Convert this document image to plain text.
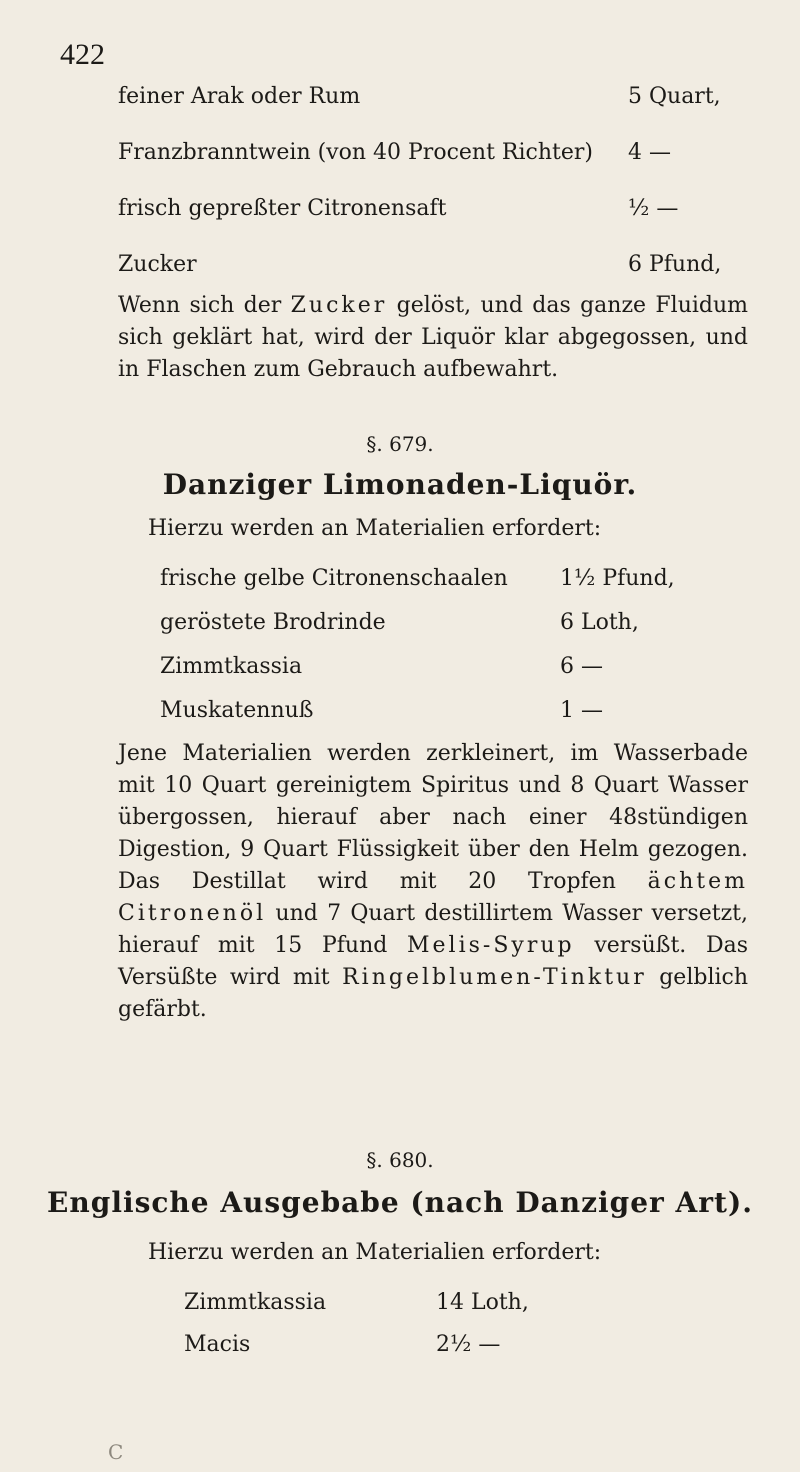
422
feiner Arak oder Rum	5 Quart,
Franzbranntwein (von 40 Procent Richter) 4 —
frisch gepreßter Citronensaft	½ —
Zucker	6 Pfund,
Wenn sich der Zucker gelöst, und das ganze Fluidum sich geklärt hat, wird der Liquör klar abgegossen, und in Flaschen zum Gebrauch aufbewahrt.
§. 679.
Danziger Limonaden-Liquör.
Hierzu werden an Materialien erfordert:
frische gelbe Citronenschaalen 1½ Pfund,
geröstete Brodrinde	6 Loth,
Zimmtkassia	6 —
Muskatennuß	1 —
Jene Materialien werden zerkleinert, im Wasserbade mit 10 Quart gereinigtem Spiritus und 8 Quart Wasser übergossen, hierauf aber nach einer 48stündigen Digestion, 9 Quart Flüssigkeit über den Helm gezogen. Das Destillat wird mit 20 Tropfen ächtem Citronenöl und 7 Quart destillirtem Wasser versetzt, hierauf mit 15 Pfund Melis-Syrup versüßt. Das Versüßte wird mit Ringelblumen-Tinktur gelblich gefärbt.
§. 680.
Englische Ausgebabe (nach Danziger Art).
Hierzu werden an Materialien erfordert:
Zimmtkassia	14 Loth,
Macis	2½ —
C
